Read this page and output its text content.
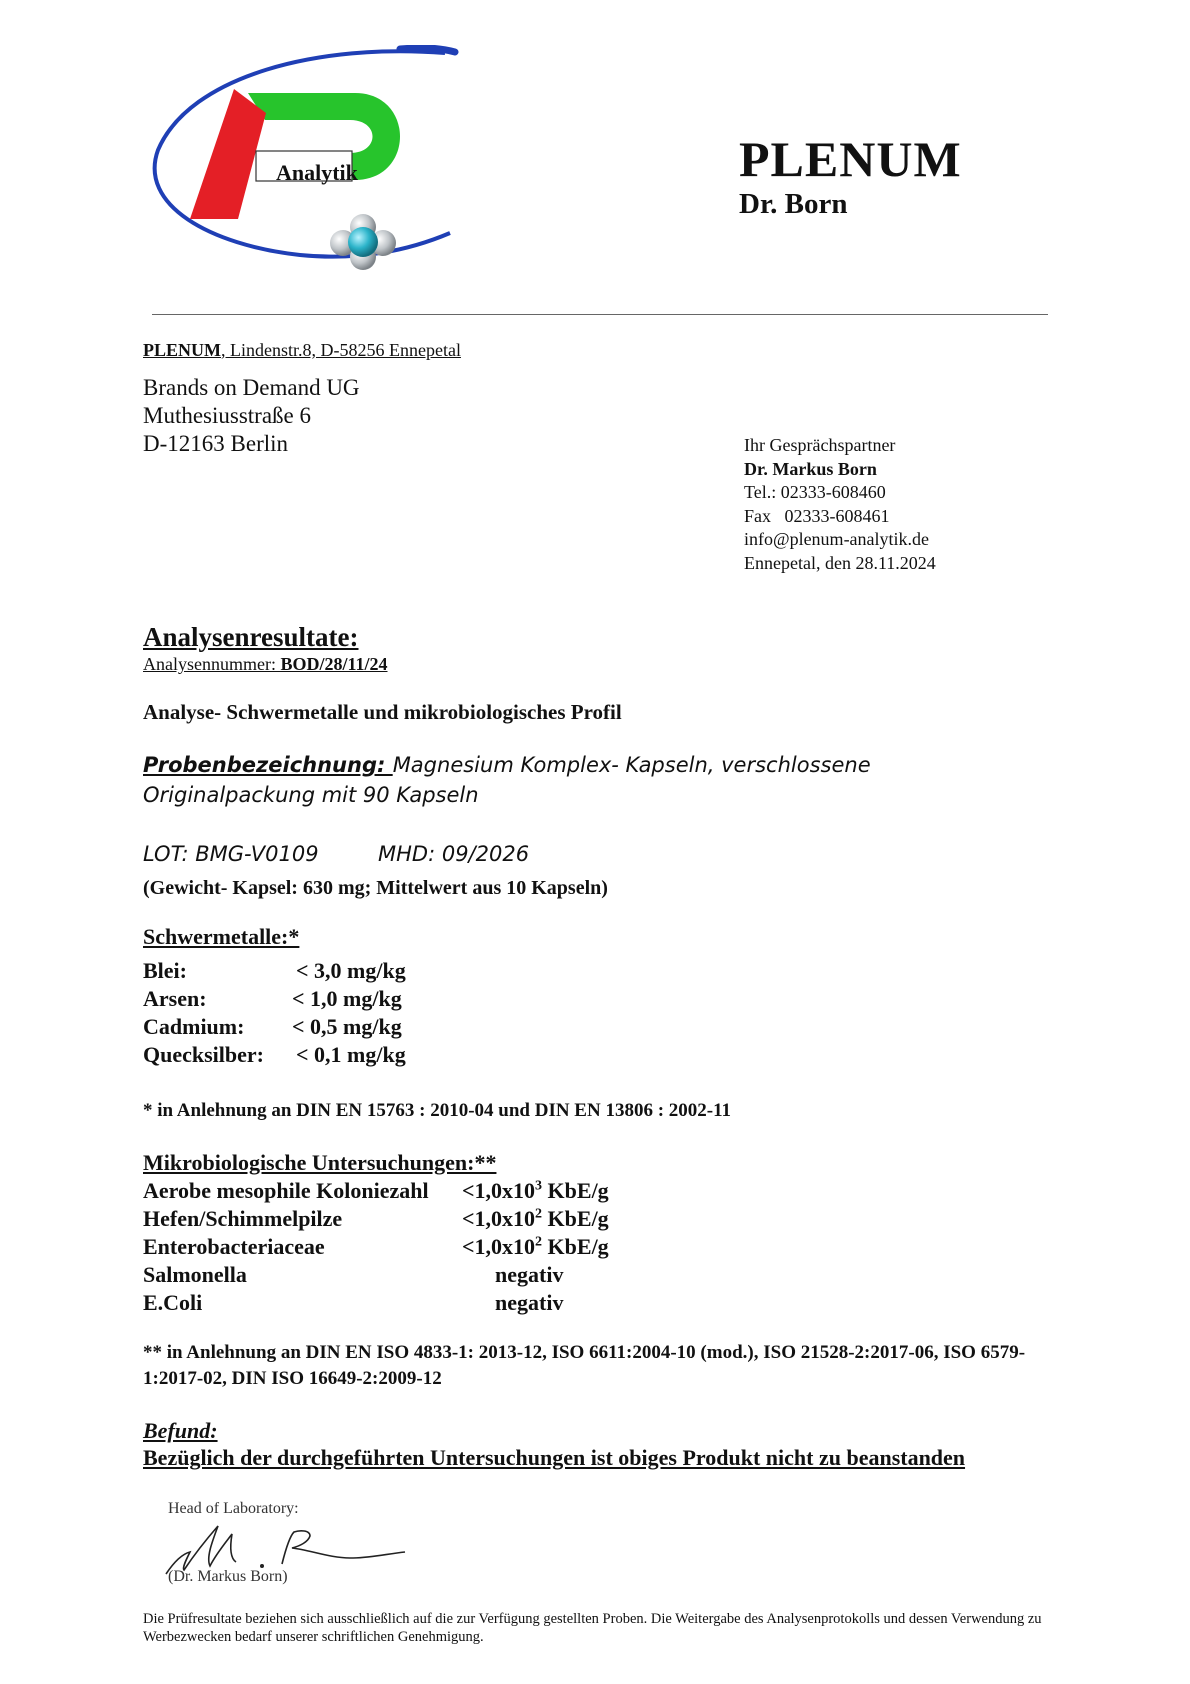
Analytik	PLENUM
Dr. Born
PLENUM, Lindenstr.8, D-58256 Ennepetal
Brands on Demand UG
Muthesiusstraße 6
D-12163 Berlin	Ihr Gesprächspartner
Dr. Markus Born
Tel.: 02333-608460
Fax   02333-608461
info@plenum-analytik.de
Ennepetal, den 28.11.2024
Analysenresultate:
Analysennummer: BOD/28/11/24
Analyse- Schwermetalle und mikrobiologisches Profil
Probenbezeichnung: Magnesium Komplex- Kapseln, verschlossene Originalpackung mit 90 Kapseln
LOT: BMG-V0109	MHD: 09/2026
(Gewicht- Kapsel: 630 mg; Mittelwert aus 10 Kapseln)
Schwermetalle:*
Blei:	< 3,0 mg/kg
Arsen:	< 1,0 mg/kg
Cadmium: < 0,5 mg/kg
Quecksilber: < 0,1 mg/kg
* in Anlehnung an DIN EN 15763 : 2010-04 und DIN EN 13806 : 2002-11
Mikrobiologische Untersuchungen:**
Aerobe mesophile Koloniezahl $<1,0x10^3$ KbE/g
Hefen/Schimmelpilze	$<1,0x10^2$ KbE/g
Enterobacteriaceae	$<1,0x10^2$ KbE/g
Salmonella	negativ
E.Coli	negativ
** in Anlehnung an DIN EN ISO 4833-1: 2013-12, ISO 6611:2004-10 (mod.), ISO 21528-2:2017-06, ISO 6579-1:2017-02, DIN ISO 16649-2:2009-12
Befund:
Bezüglich der durchgeführten Untersuchungen ist obiges Produkt nicht zu beanstanden
Head of Laboratory:
(Dr. Markus Born)
Die Prüfresultate beziehen sich ausschließlich auf die zur Verfügung gestellten Proben. Die Weitergabe des Analysenprotokolls und dessen Verwendung zu Werbezwecken bedarf unserer schriftlichen Genehmigung.
